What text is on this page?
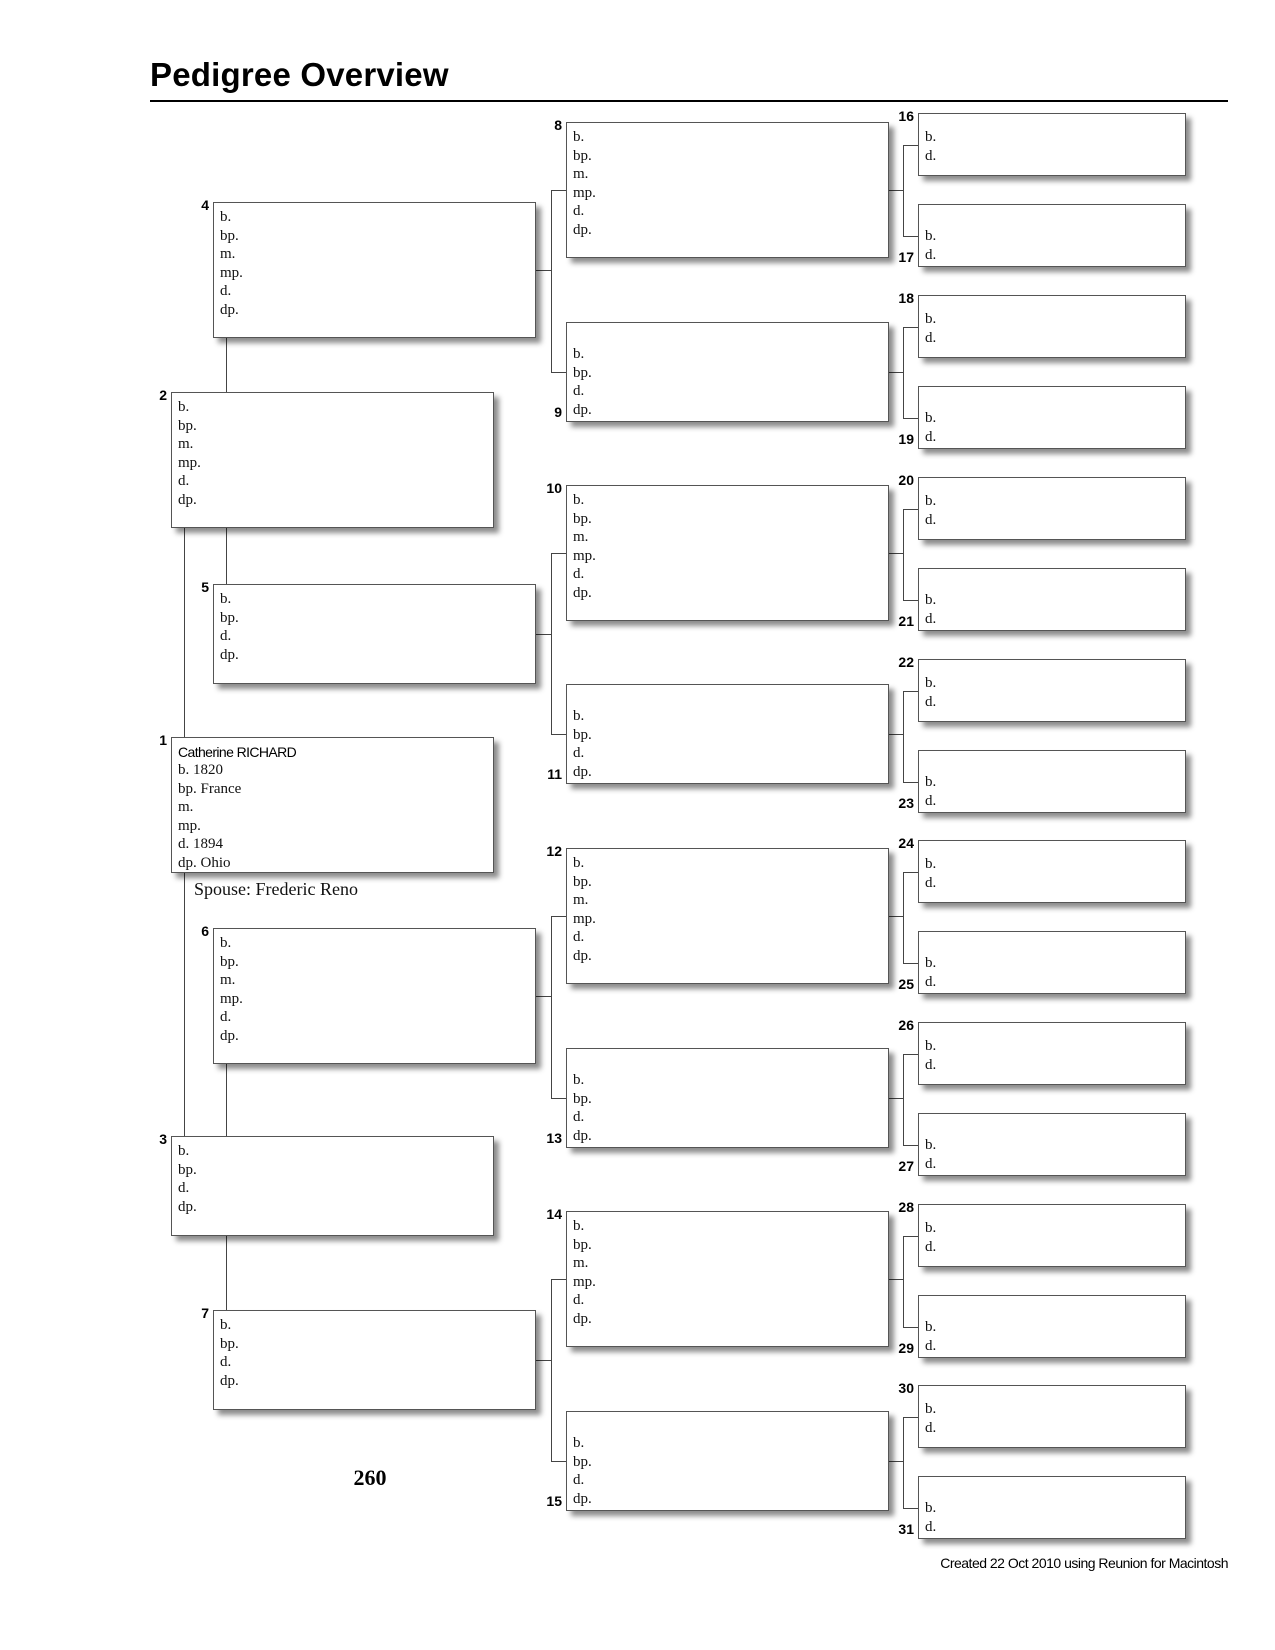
Pedigree Overview
Catherine RICHARD
b. 1820
bp. France
m.
mp.
d. 1894
dp. Ohio
1
b.
bp.
m.
mp.
d.
dp.
2
b.
bp.
d.
dp.
3
b.
bp.
m.
mp.
d.
dp.
4
b.
bp.
d.
dp.
5
b.
bp.
m.
mp.
d.
dp.
6
b.
bp.
d.
dp.
7
b.
bp.
m.
mp.
d.
dp.
8
b.
bp.
d.
dp.
9
b.
bp.
m.
mp.
d.
dp.
10
b.
bp.
d.
dp.
11
b.
bp.
m.
mp.
d.
dp.
12
b.
bp.
d.
dp.
13
b.
bp.
m.
mp.
d.
dp.
14
b.
bp.
d.
dp.
15
b.
d.
16
b.
d.
17
b.
d.
18
b.
d.
19
b.
d.
20
b.
d.
21
b.
d.
22
b.
d.
23
b.
d.
24
b.
d.
25
b.
d.
26
b.
d.
27
b.
d.
28
b.
d.
29
b.
d.
30
b.
d.
31
Spouse: Frederic Reno
260
Created 22 Oct 2010 using Reunion for Macintosh
